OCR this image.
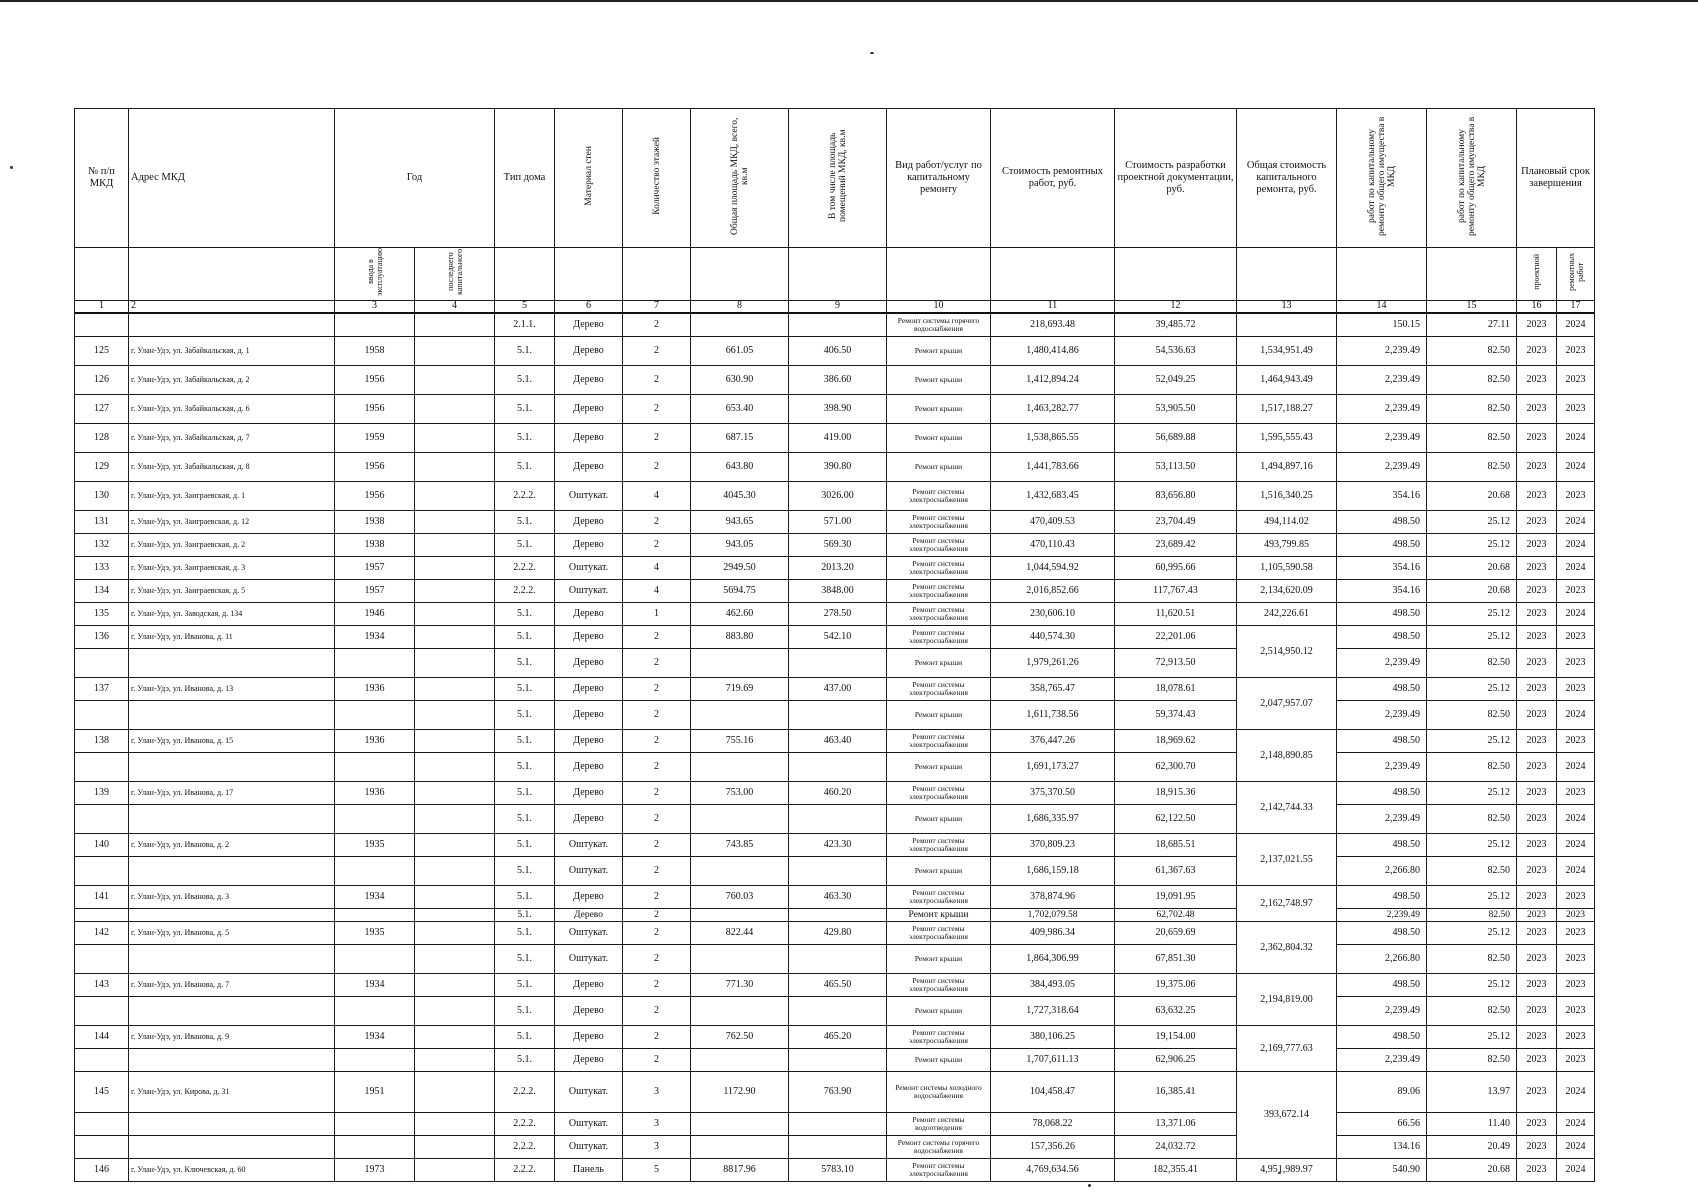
№ п/п МКД	Адрес МКД	Год		Тип дома	Материал стен	Количество этажей	Общая площадь МКД, всего, кв.м	В том числе площадь помещений МКД, кв.м	Вид работ/услуг по капитальному ремонту	Стоимость ремонтных работ, руб.	Стоимость разработки проектной документации, руб.	Общая стоимость капитального ремонта, руб.	работ по капитальному ремонту общего имущества в МКД	работ по капитальному ремонту общего имущества в МКД	Плановый срок завершения	
		ввода в эксплуатацию	последнего капитального												проектной	ремонтных работ
1	2	3	4	5	6	7	8	9	10	11	12	13	14	15	16	17
				2.1.1.	Дерево	2			Ремонт системы горячего водоснабжения	218,693.48	39,485.72		150.15	27.11	2023	2024
125	г. Улан-Удэ, ул. Забайкальская, д. 1	1958		5.1.	Дерево	2	661.05	406.50	Ремонт крыши	1,480,414.86	54,536.63	1,534,951.49	2,239.49	82.50	2023	2023
126	г. Улан-Удэ, ул. Забайкальская, д. 2	1956		5.1.	Дерево	2	630.90	386.60	Ремонт крыши	1,412,894.24	52,049.25	1,464,943.49	2,239.49	82.50	2023	2023
127	г. Улан-Удэ, ул. Забайкальская, д. 6	1956		5.1.	Дерево	2	653.40	398.90	Ремонт крыши	1,463,282.77	53,905.50	1,517,188.27	2,239.49	82.50	2023	2023
128	г. Улан-Удэ, ул. Забайкальская, д. 7	1959		5.1.	Дерево	2	687.15	419.00	Ремонт крыши	1,538,865.55	56,689.88	1,595,555.43	2,239.49	82.50	2023	2024
129	г. Улан-Удэ, ул. Забайкальская, д. 8	1956		5.1.	Дерево	2	643.80	390.80	Ремонт крыши	1,441,783.66	53,113.50	1,494,897.16	2,239.49	82.50	2023	2024
130	г. Улан-Удэ, ул. Заиграевская, д. 1	1956		2.2.2.	Оштукат.	4	4045.30	3026.00	Ремонт системы электроснабжения	1,432,683.45	83,656.80	1,516,340.25	354.16	20.68	2023	2023
131	г. Улан-Удэ, ул. Заиграевская, д. 12	1938		5.1.	Дерево	2	943.65	571.00	Ремонт системы электроснабжения	470,409.53	23,704.49	494,114.02	498.50	25.12	2023	2024
132	г. Улан-Удэ, ул. Заиграевская, д. 2	1938		5.1.	Дерево	2	943.05	569.30	Ремонт системы электроснабжения	470,110.43	23,689.42	493,799.85	498.50	25.12	2023	2024
133	г. Улан-Удэ, ул. Заиграевская, д. 3	1957		2.2.2.	Оштукат.	4	2949.50	2013.20	Ремонт системы электроснабжения	1,044,594.92	60,995.66	1,105,590.58	354.16	20.68	2023	2024
134	г. Улан-Удэ, ул. Заиграевская, д. 5	1957		2.2.2.	Оштукат.	4	5694.75	3848.00	Ремонт системы электроснабжения	2,016,852.66	117,767.43	2,134,620.09	354.16	20.68	2023	2023
135	г. Улан-Удэ, ул. Заводская, д. 134	1946		5.1.	Дерево	1	462.60	278.50	Ремонт системы электроснабжения	230,606.10	11,620.51	242,226.61	498.50	25.12	2023	2024
136	г. Улан-Удэ, ул. Иванова, д. 11	1934		5.1.	Дерево	2	883.80	542.10	Ремонт системы электроснабжения	440,574.30	22,201.06	2,514,950.12	498.50	25.12	2023	2023
				5.1.	Дерево	2			Ремонт крыши	1,979,261.26	72,913.50		2,239.49	82.50	2023	2023
137	г. Улан-Удэ, ул. Иванова, д. 13	1936		5.1.	Дерево	2	719.69	437.00	Ремонт системы электроснабжения	358,765.47	18,078.61	2,047,957.07	498.50	25.12	2023	2023
				5.1.	Дерево	2			Ремонт крыши	1,611,738.56	59,374.43		2,239.49	82.50	2023	2024
138	г. Улан-Удэ, ул. Иванова, д. 15	1936		5.1.	Дерево	2	755.16	463.40	Ремонт системы электроснабжения	376,447.26	18,969.62	2,148,890.85	498.50	25.12	2023	2023
				5.1.	Дерево	2			Ремонт крыши	1,691,173.27	62,300.70		2,239.49	82.50	2023	2024
139	г. Улан-Удэ, ул. Иванова, д. 17	1936		5.1.	Дерево	2	753.00	460.20	Ремонт системы электроснабжения	375,370.50	18,915.36	2,142,744.33	498.50	25.12	2023	2023
				5.1.	Дерево	2			Ремонт крыши	1,686,335.97	62,122.50		2,239.49	82.50	2023	2024
140	г. Улан-Удэ, ул. Иванова, д. 2	1935		5.1.	Оштукат.	2	743.85	423.30	Ремонт системы электроснабжения	370,809.23	18,685.51	2,137,021.55	498.50	25.12	2023	2024
				5.1.	Оштукат.	2			Ремонт крыши	1,686,159.18	61,367.63		2,266.80	82.50	2023	2024
141	г. Улан-Удэ, ул. Иванова, д. 3	1934		5.1.	Дерево	2	760.03	463.30	Ремонт системы электроснабжения	378,874.96	19,091.95	2,162,748.97	498.50	25.12	2023	2023
				5.1.	Дерево	2			Ремонт крыши	1,702,079.58	62,702.48		2,239.49	82.50	2023	2023
142	г. Улан-Удэ, ул. Иванова, д. 5	1935		5.1.	Оштукат.	2	822.44	429.80	Ремонт системы электроснабжения	409,986.34	20,659.69	2,362,804.32	498.50	25.12	2023	2023
				5.1.	Оштукат.	2			Ремонт крыши	1,864,306.99	67,851.30		2,266.80	82.50	2023	2023
143	г. Улан-Удэ, ул. Иванова, д. 7	1934		5.1.	Дерево	2	771.30	465.50	Ремонт системы электроснабжения	384,493.05	19,375.06	2,194,819.00	498.50	25.12	2023	2023
				5.1.	Дерево	2			Ремонт крыши	1,727,318.64	63,632.25		2,239.49	82.50	2023	2023
144	г. Улан-Удэ, ул. Иванова, д. 9	1934		5.1.	Дерево	2	762.50	465.20	Ремонт системы электроснабжения	380,106.25	19,154.00	2,169,777.63	498.50	25.12	2023	2023
				5.1.	Дерево	2			Ремонт крыши	1,707,611.13	62,906.25		2,239.49	82.50	2023	2023
145	г. Улан-Удэ, ул. Кирова, д. 31	1951		2.2.2.	Оштукат.	3	1172.90	763.90	Ремонт системы холодного водоснабжения	104,458.47	16,385.41	393,672.14	89.06	13.97	2023	2024
				2.2.2.	Оштукат.	3			Ремонт системы водоотведения	78,068.22	13,371.06		66.56	11.40	2023	2024
				2.2.2.	Оштукат.	3			Ремонт системы горячего водоснабжения	157,356.26	24,032.72		134.16	20.49	2023	2024
146	г. Улан-Удэ, ул. Ключевская, д. 60	1973		2.2.2.	Панель	5	8817.96	5783.10	Ремонт системы электроснабжения	4,769,634.56	182,355.41	4,951,989.97	540.90	20.68	2023	2024
